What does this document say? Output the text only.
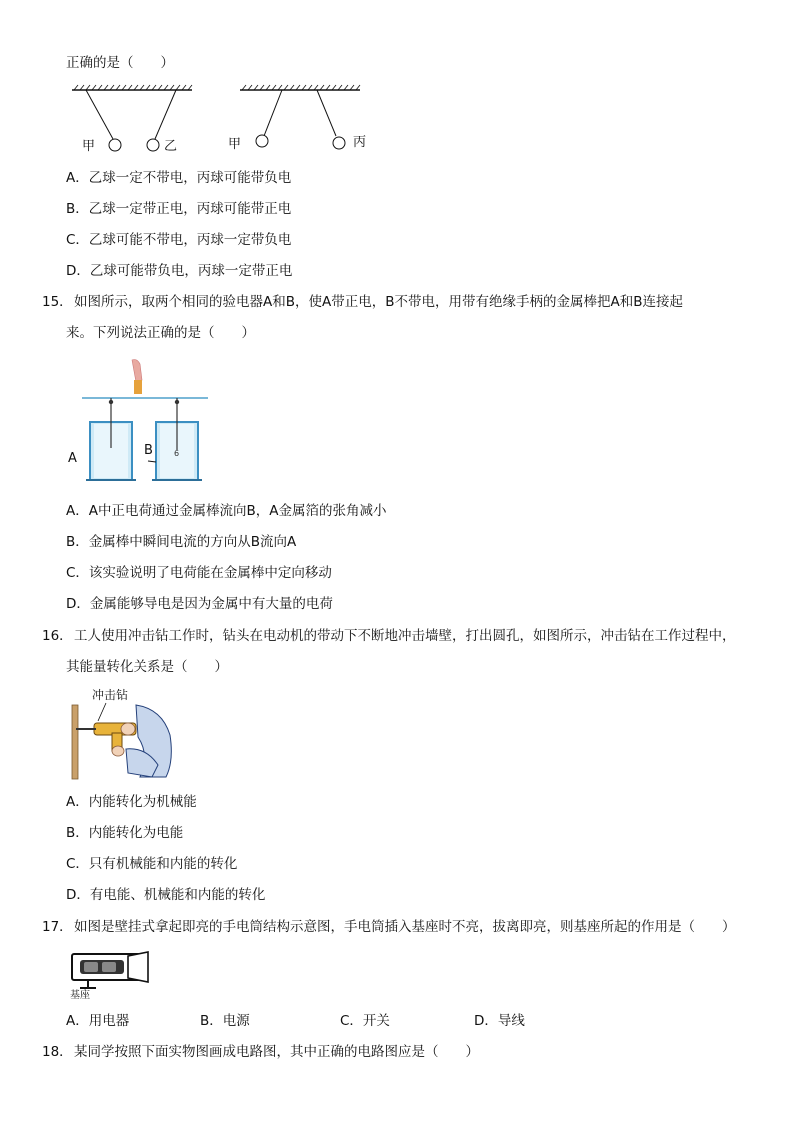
正确的是（　　）
甲	乙	甲	丙
A．乙球一定不带电，丙球可能带负电
B．乙球一定带正电，丙球可能带正电
C．乙球可能不带电，丙球一定带负电
D．乙球可能带负电，丙球一定带正电
15． 如图所示，取两个相同的验电器A和B，使A带正电，B不带电，用带有绝缘手柄的金属棒把A和B连接起
来。下列说法正确的是（　　）
6
A
B
A．A中正电荷通过金属棒流向B，A金属箔的张角减小
B．金属棒中瞬间电流的方向从B流向A
C．该实验说明了电荷能在金属棒中定向移动
D．金属能够导电是因为金属中有大量的电荷
16． 工人使用冲击钻工作时，钻头在电动机的带动下不断地冲击墙壁，打出圆孔，如图所示，冲击钻在工作过程中，
其能量转化关系是（　　）
冲击钻
A．内能转化为机械能
B．内能转化为电能
C．只有机械能和内能的转化
D．有电能、机械能和内能的转化
17． 如图是壁挂式拿起即亮的手电筒结构示意图，手电筒插入基座时不亮，拔离即亮，则基座所起的作用是（　　）
基座
A．用电器	B．电源	C．开关	D．导线
18． 某同学按照下面实物图画成电路图，其中正确的电路图应是（　　）
